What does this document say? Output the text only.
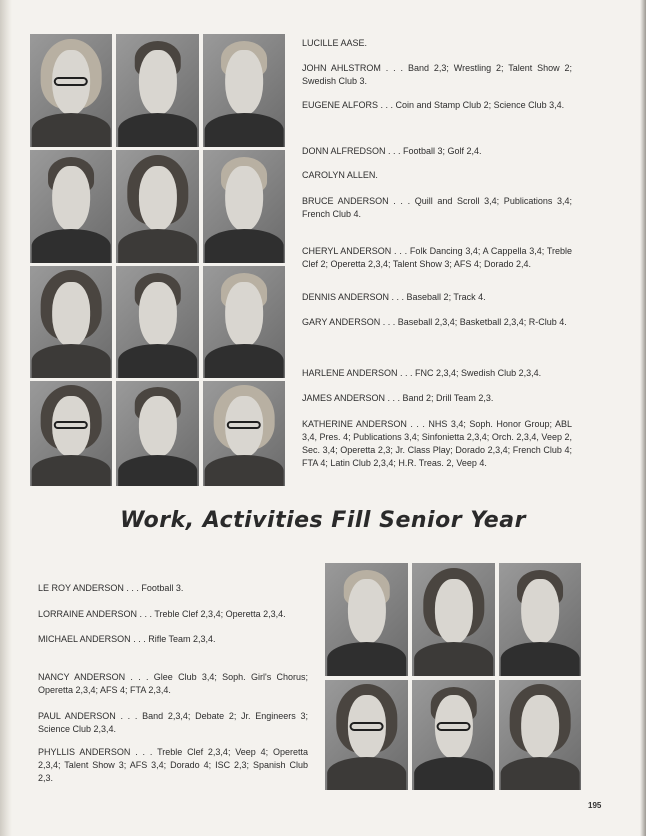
LUCILLE AASE.
JOHN AHLSTROM . . . Band 2,3; Wrestling 2; Talent Show 2; Swedish Club 3.
EUGENE ALFORS . . . Coin and Stamp Club 2; Science Club 3,4.
DONN ALFREDSON . . . Football 3; Golf 2,4.
CAROLYN ALLEN.
BRUCE ANDERSON . . . Quill and Scroll 3,4; Publications 3,4; French Club 4.
CHERYL ANDERSON . . . Folk Dancing 3,4; A Cappella 3,4; Treble Clef 2; Operetta 2,3,4; Talent Show 3; AFS 4; Dorado 2,4.
DENNIS ANDERSON . . . Baseball 2; Track 4.
GARY ANDERSON . . . Baseball 2,3,4; Basketball 2,3,4; R-Club 4.
HARLENE ANDERSON . . . FNC 2,3,4; Swedish Club 2,3,4.
JAMES ANDERSON . . . Band 2; Drill Team 2,3.
KATHERINE ANDERSON . . . NHS 3,4; Soph. Honor Group; ABL 3,4, Pres. 4; Publications 3,4; Sinfonietta 2,3,4; Orch. 2,3,4, Veep 2, Sec. 3,4; Operetta 2,3; Jr. Class Play; Dorado 2,3,4; French Club 4; FTA 4; Latin Club 2,3,4; H.R. Treas. 2, Veep 4.
Work, Activities Fill Senior Year
LE ROY ANDERSON . . . Football 3.
LORRAINE ANDERSON . . . Treble Clef 2,3,4; Operetta 2,3,4.
MICHAEL ANDERSON . . . Rifle Team 2,3,4.
NANCY ANDERSON . . . Glee Club 3,4; Soph. Girl's Chorus; Operetta 2,3,4; AFS 4; FTA 2,3,4.
PAUL ANDERSON . . . Band 2,3,4; Debate 2; Jr. Engineers 3; Science Club 2,3,4.
PHYLLIS ANDERSON . . . Treble Clef 2,3,4; Veep 4; Operetta 2,3,4; Talent Show 3; AFS 3,4; Dorado 4; ISC 2,3; Spanish Club 2,3.
195
